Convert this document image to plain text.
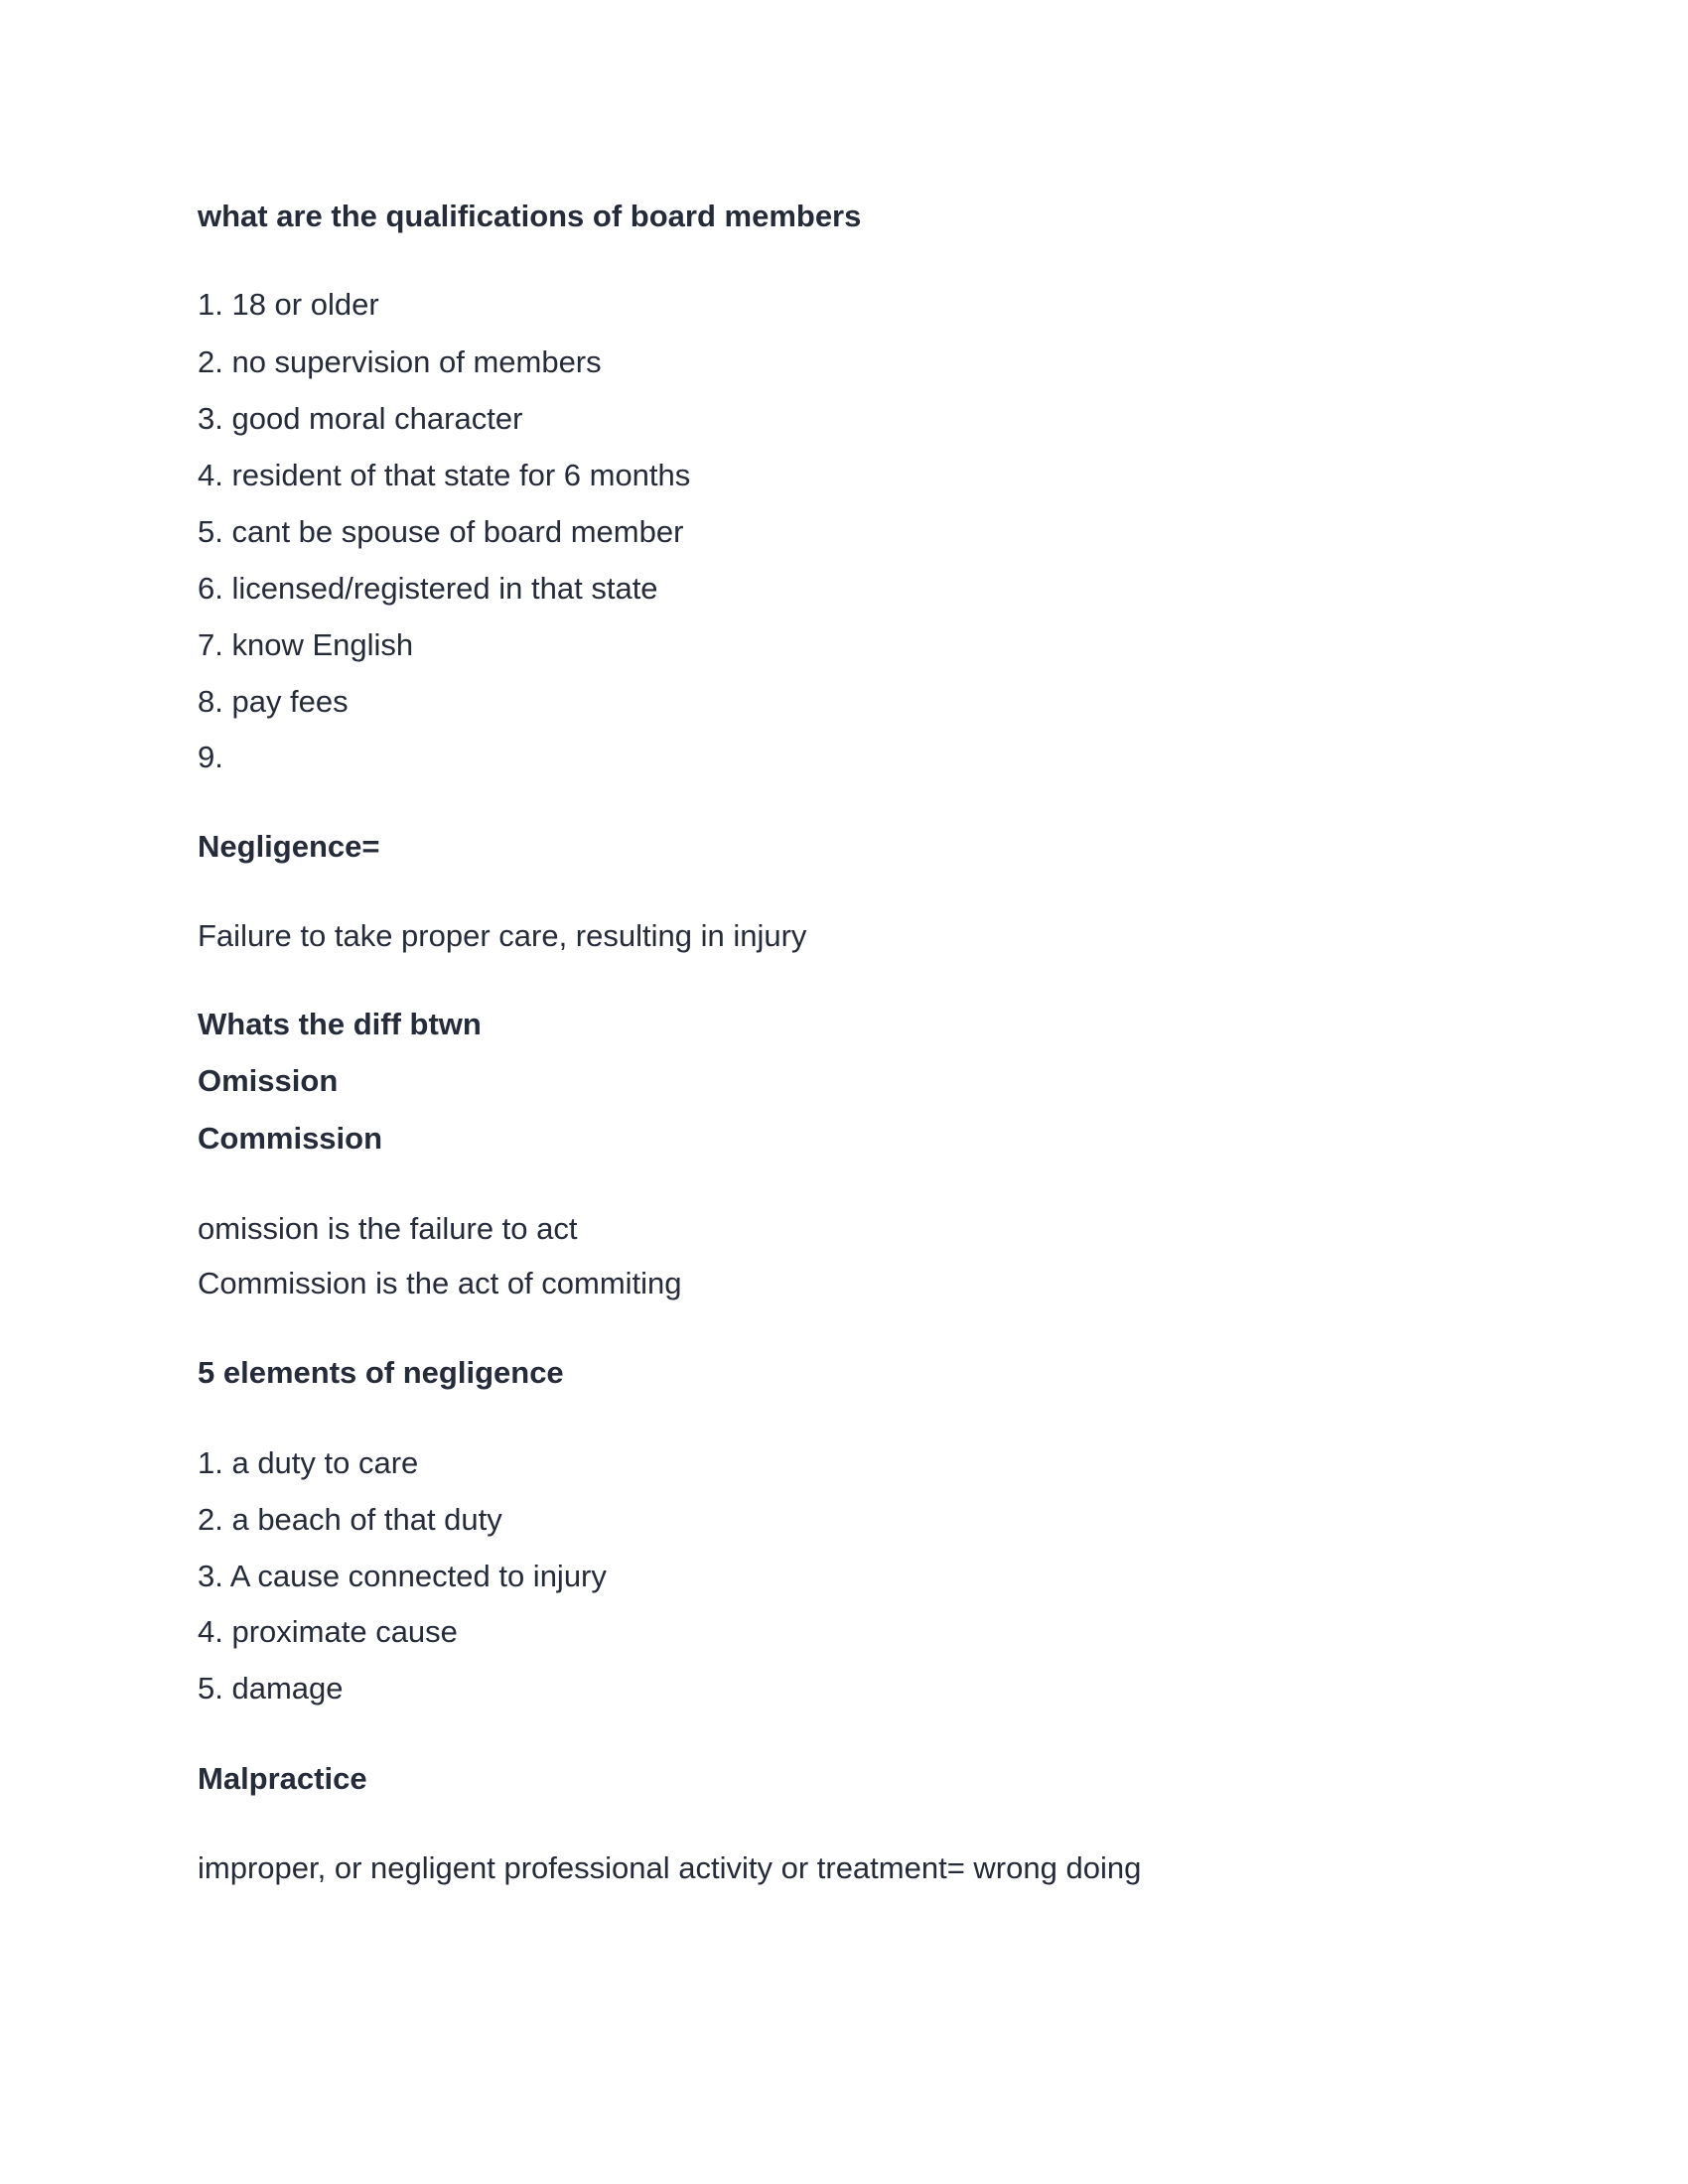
what are the qualifications of board members
1. 18 or older
2. no supervision of members
3. good moral character
4. resident of that state for 6 months
5. cant be spouse of board member
6. licensed/registered in that state
7. know English
8. pay fees
9.
Negligence=
Failure to take proper care, resulting in injury
Whats the diff btwn
Omission
Commission
omission is the failure to act
Commission is the act of commiting
5 elements of negligence
1. a duty to care
2. a beach of that duty
3. A cause connected to injury
4. proximate cause
5. damage
Malpractice
improper, or negligent professional activity or treatment= wrong doing
